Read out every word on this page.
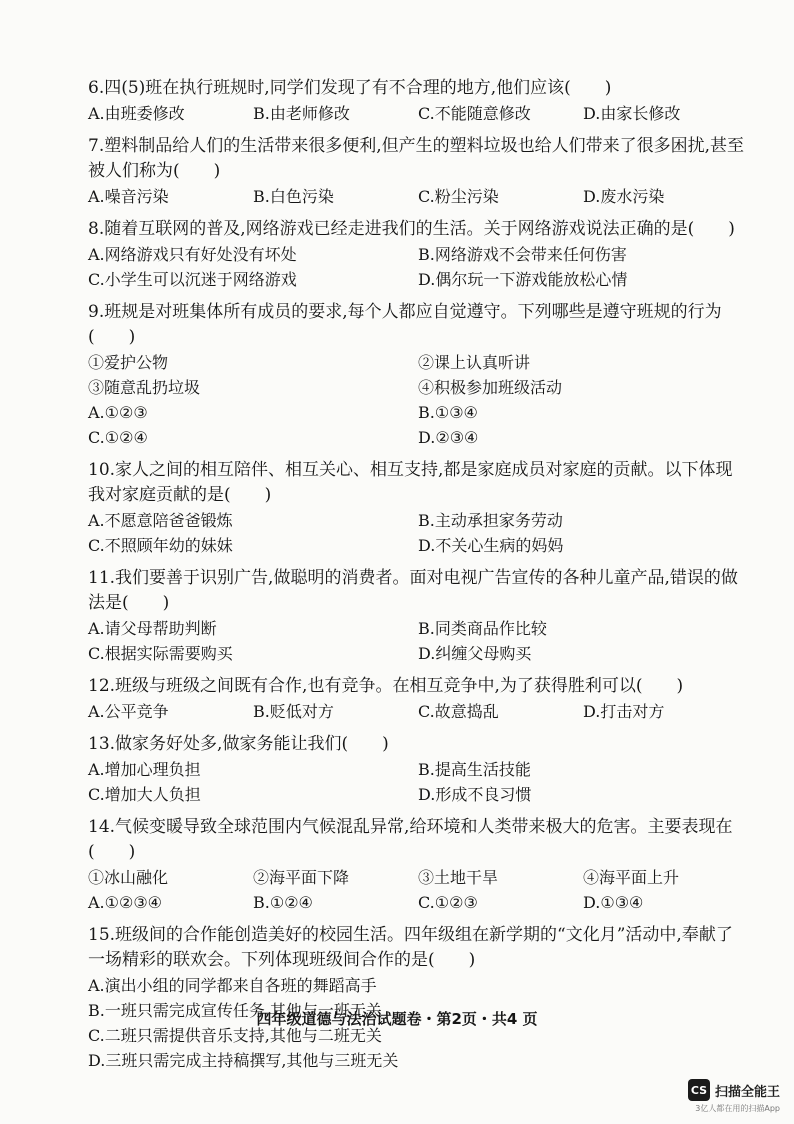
6.四(5)班在执行班规时,同学们发现了有不合理的地方,他们应该(　　)

A.由班委修改	B.由老师修改	C.不能随意修改	D.由家长修改

7.塑料制品给人们的生活带来很多便利,但产生的塑料垃圾也给人们带来了很多困扰,甚至被人们称为(　　)

A.噪音污染	B.白色污染	C.粉尘污染	D.废水污染

8.随着互联网的普及,网络游戏已经走进我们的生活。关于网络游戏说法正确的是(　　)

A.网络游戏只有好处没有坏处	B.网络游戏不会带来任何伤害
C.小学生可以沉迷于网络游戏	D.偶尔玩一下游戏能放松心情

9.班规是对班集体所有成员的要求,每个人都应自觉遵守。下列哪些是遵守班规的行为(　　)

①爱护公物	②课上认真听讲
③随意乱扔垃圾	④积极参加班级活动
A.①②③	B.①③④
C.①②④	D.②③④

10.家人之间的相互陪伴、相互关心、相互支持,都是家庭成员对家庭的贡献。以下体现我对家庭贡献的是(　　)

A.不愿意陪爸爸锻炼	B.主动承担家务劳动
C.不照顾年幼的妹妹	D.不关心生病的妈妈

11.我们要善于识别广告,做聪明的消费者。面对电视广告宣传的各种儿童产品,错误的做法是(　　)

A.请父母帮助判断	B.同类商品作比较
C.根据实际需要购买	D.纠缠父母购买

12.班级与班级之间既有合作,也有竞争。在相互竞争中,为了获得胜利可以(　　)

A.公平竞争	B.贬低对方	C.故意捣乱	D.打击对方

13.做家务好处多,做家务能让我们(　　)

A.增加心理负担	B.提高生活技能
C.增加大人负担	D.形成不良习惯

14.气候变暖导致全球范围内气候混乱异常,给环境和人类带来极大的危害。主要表现在(　　)

①冰山融化	②海平面下降	③土地干旱	④海平面上升
A.①②③④	B.①②④	C.①②③	D.①③④

15.班级间的合作能创造美好的校园生活。四年级组在新学期的“文化月”活动中,奉献了一场精彩的联欢会。下列体现班级间合作的是(　　)

A.演出小组的同学都来自各班的舞蹈高手
B.一班只需完成宣传任务,其他与一班无关
C.二班只需提供音乐支持,其他与二班无关
D.三班只需完成主持稿撰写,其他与三班无关
四年级道德与法治试题卷・第2页・共4 页
CS 扫描全能王
3亿人都在用的扫描App
